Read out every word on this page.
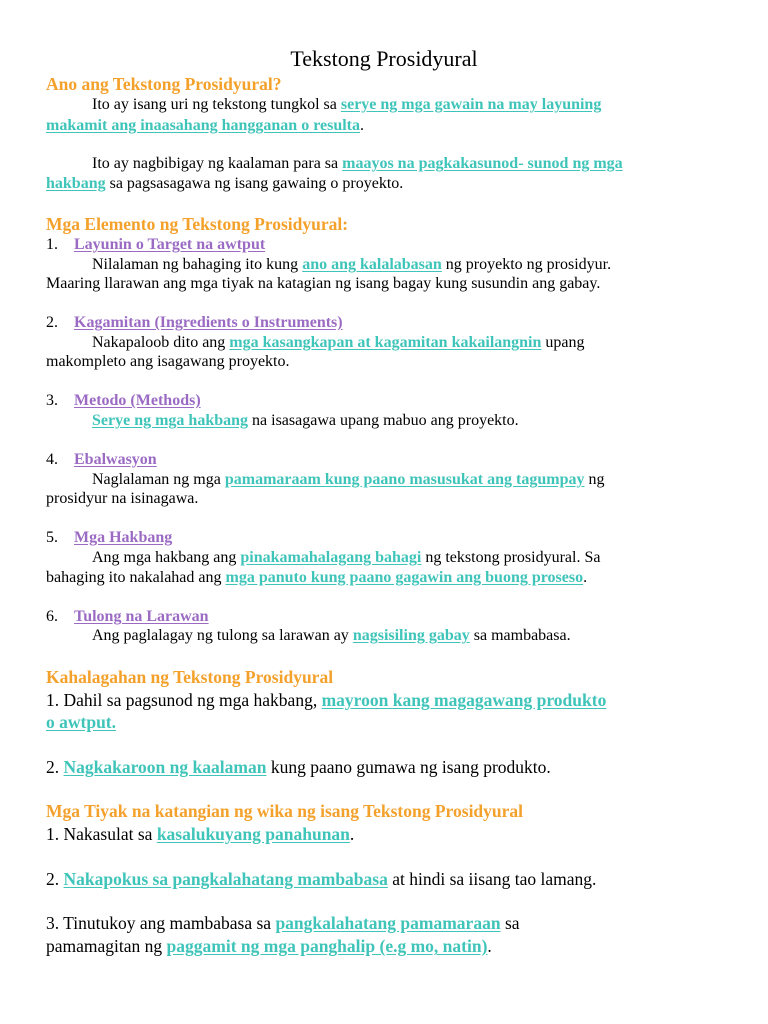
Tekstong Prosidyural
Ano ang Tekstong Prosidyural?
Ito ay isang uri ng tekstong tungkol sa serye ng mga gawain na may layuning
makamit ang inaasahang hangganan o resulta.
Ito ay nagbibigay ng kaalaman para sa maayos na pagkakasunod- sunod ng mga
hakbang sa pagsasagawa ng isang gawaing o proyekto.
Mga Elemento ng Tekstong Prosidyural:
1. Layunin o Target na awtput
Nilalaman ng bahaging ito kung ano ang kalalabasan ng proyekto ng prosidyur.
Maaring llarawan ang mga tiyak na katagian ng isang bagay kung susundin ang gabay.
2. Kagamitan (Ingredients o Instruments)
Nakapaloob dito ang mga kasangkapan at kagamitan kakailangnin upang
makompleto ang isagawang proyekto.
3. Metodo (Methods)
Serye ng mga hakbang na isasagawa upang mabuo ang proyekto.
4. Ebalwasyon
Naglalaman ng mga pamamaraam kung paano masusukat ang tagumpay ng
prosidyur na isinagawa.
5. Mga Hakbang
Ang mga hakbang ang pinakamahalagang bahagi ng tekstong prosidyural. Sa
bahaging ito nakalahad ang mga panuto kung paano gagawin ang buong proseso.
6. Tulong na Larawan
Ang paglalagay ng tulong sa larawan ay nagsisiling gabay sa mambabasa.
Kahalagahan ng Tekstong Prosidyural
1. Dahil sa pagsunod ng mga hakbang, mayroon kang magagawang produkto
o awtput.
2. Nagkakaroon ng kaalaman kung paano gumawa ng isang produkto.
Mga Tiyak na katangian ng wika ng isang Tekstong Prosidyural
1. Nakasulat sa kasalukuyang panahunan.
2. Nakapokus sa pangkalahatang mambabasa at hindi sa iisang tao lamang.
3. Tinutukoy ang mambabasa sa pangkalahatang pamamaraan sa
pamamagitan ng paggamit ng mga panghalip (e.g mo, natin).
